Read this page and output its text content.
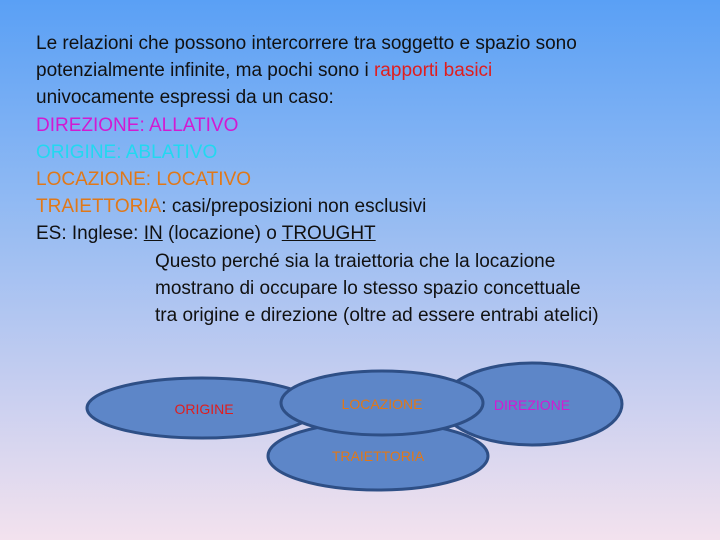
Le relazioni che possono intercorrere tra soggetto e spazio sono
potenzialmente infinite, ma pochi sono i rapporti basici
univocamente espressi da un caso:
DIREZIONE: ALLATIVO
ORIGINE: ABLATIVO
LOCAZIONE: LOCATIVO
TRAIETTORIA: casi/preposizioni non esclusivi
ES: Inglese: IN (locazione) o TROUGHT
Questo perché sia la traiettoria che la locazione
mostrano di occupare lo stesso spazio concettuale
tra origine e direzione (oltre ad essere entrabi atelici)
ORIGINE	DIREZIONE
TRAIETTORIA
LOCAZIONE
